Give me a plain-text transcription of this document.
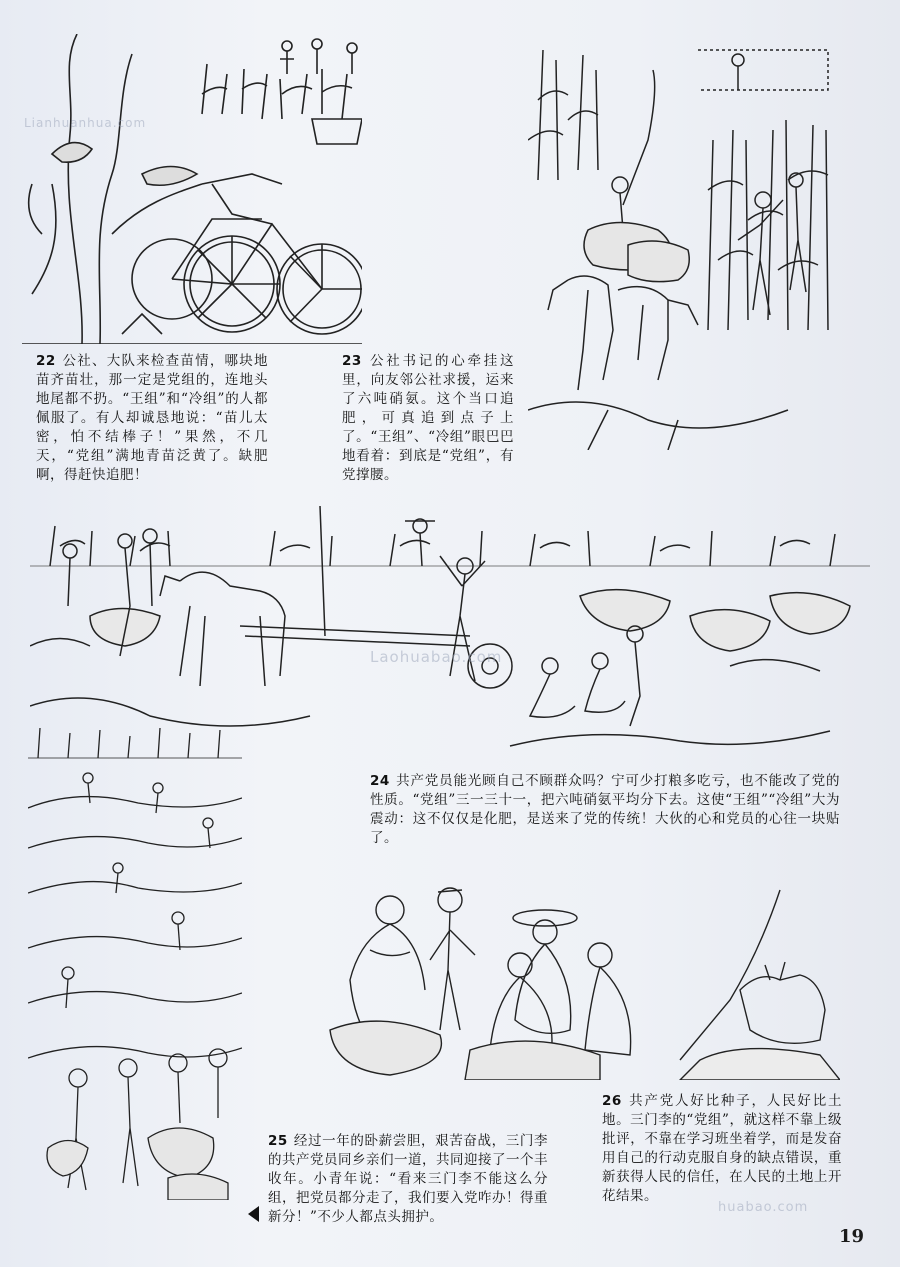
22 公社、大队来检查苗情，哪块地苗齐苗壮，那一定是党组的，连地头地尾都不扔。“王组”和“冷组”的人都佩服了。有人却诚恳地说：“苗儿太密，怕不结棒子！”果然，不几天，“党组”满地青苗泛黄了。缺肥啊，得赶快追肥！
23 公社书记的心牵挂这里，向友邻公社求援，运来了六吨硝氨。这个当口追肥，可真追到点子上了。“王组”、“冷组”眼巴巴地看着：到底是“党组”，有党撑腰。
24 共产党员能光顾自己不顾群众吗？宁可少打粮多吃亏，也不能改了党的性质。“党组”三一三十一，把六吨硝氨平均分下去。这使“王组”“冷组”大为震动：这不仅仅是化肥，是送来了党的传统！大伙的心和党员的心往一块贴了。
25 经过一年的卧薪尝胆，艰苦奋战，三门李的共产党员同乡亲们一道，共同迎接了一个丰收年。小青年说：“看来三门李不能这么分组，把党员都分走了，我们要入党咋办！得重新分！”不少人都点头拥护。
26 共产党人好比种子，人民好比土地。三门李的“党组”，就这样不靠上级批评，不靠在学习班坐着学，而是发奋用自己的行动克服自身的缺点错误，重新获得人民的信任，在人民的土地上开花结果。
Lianhuanhua.com
Laohuabao.com
huabao.com
19
